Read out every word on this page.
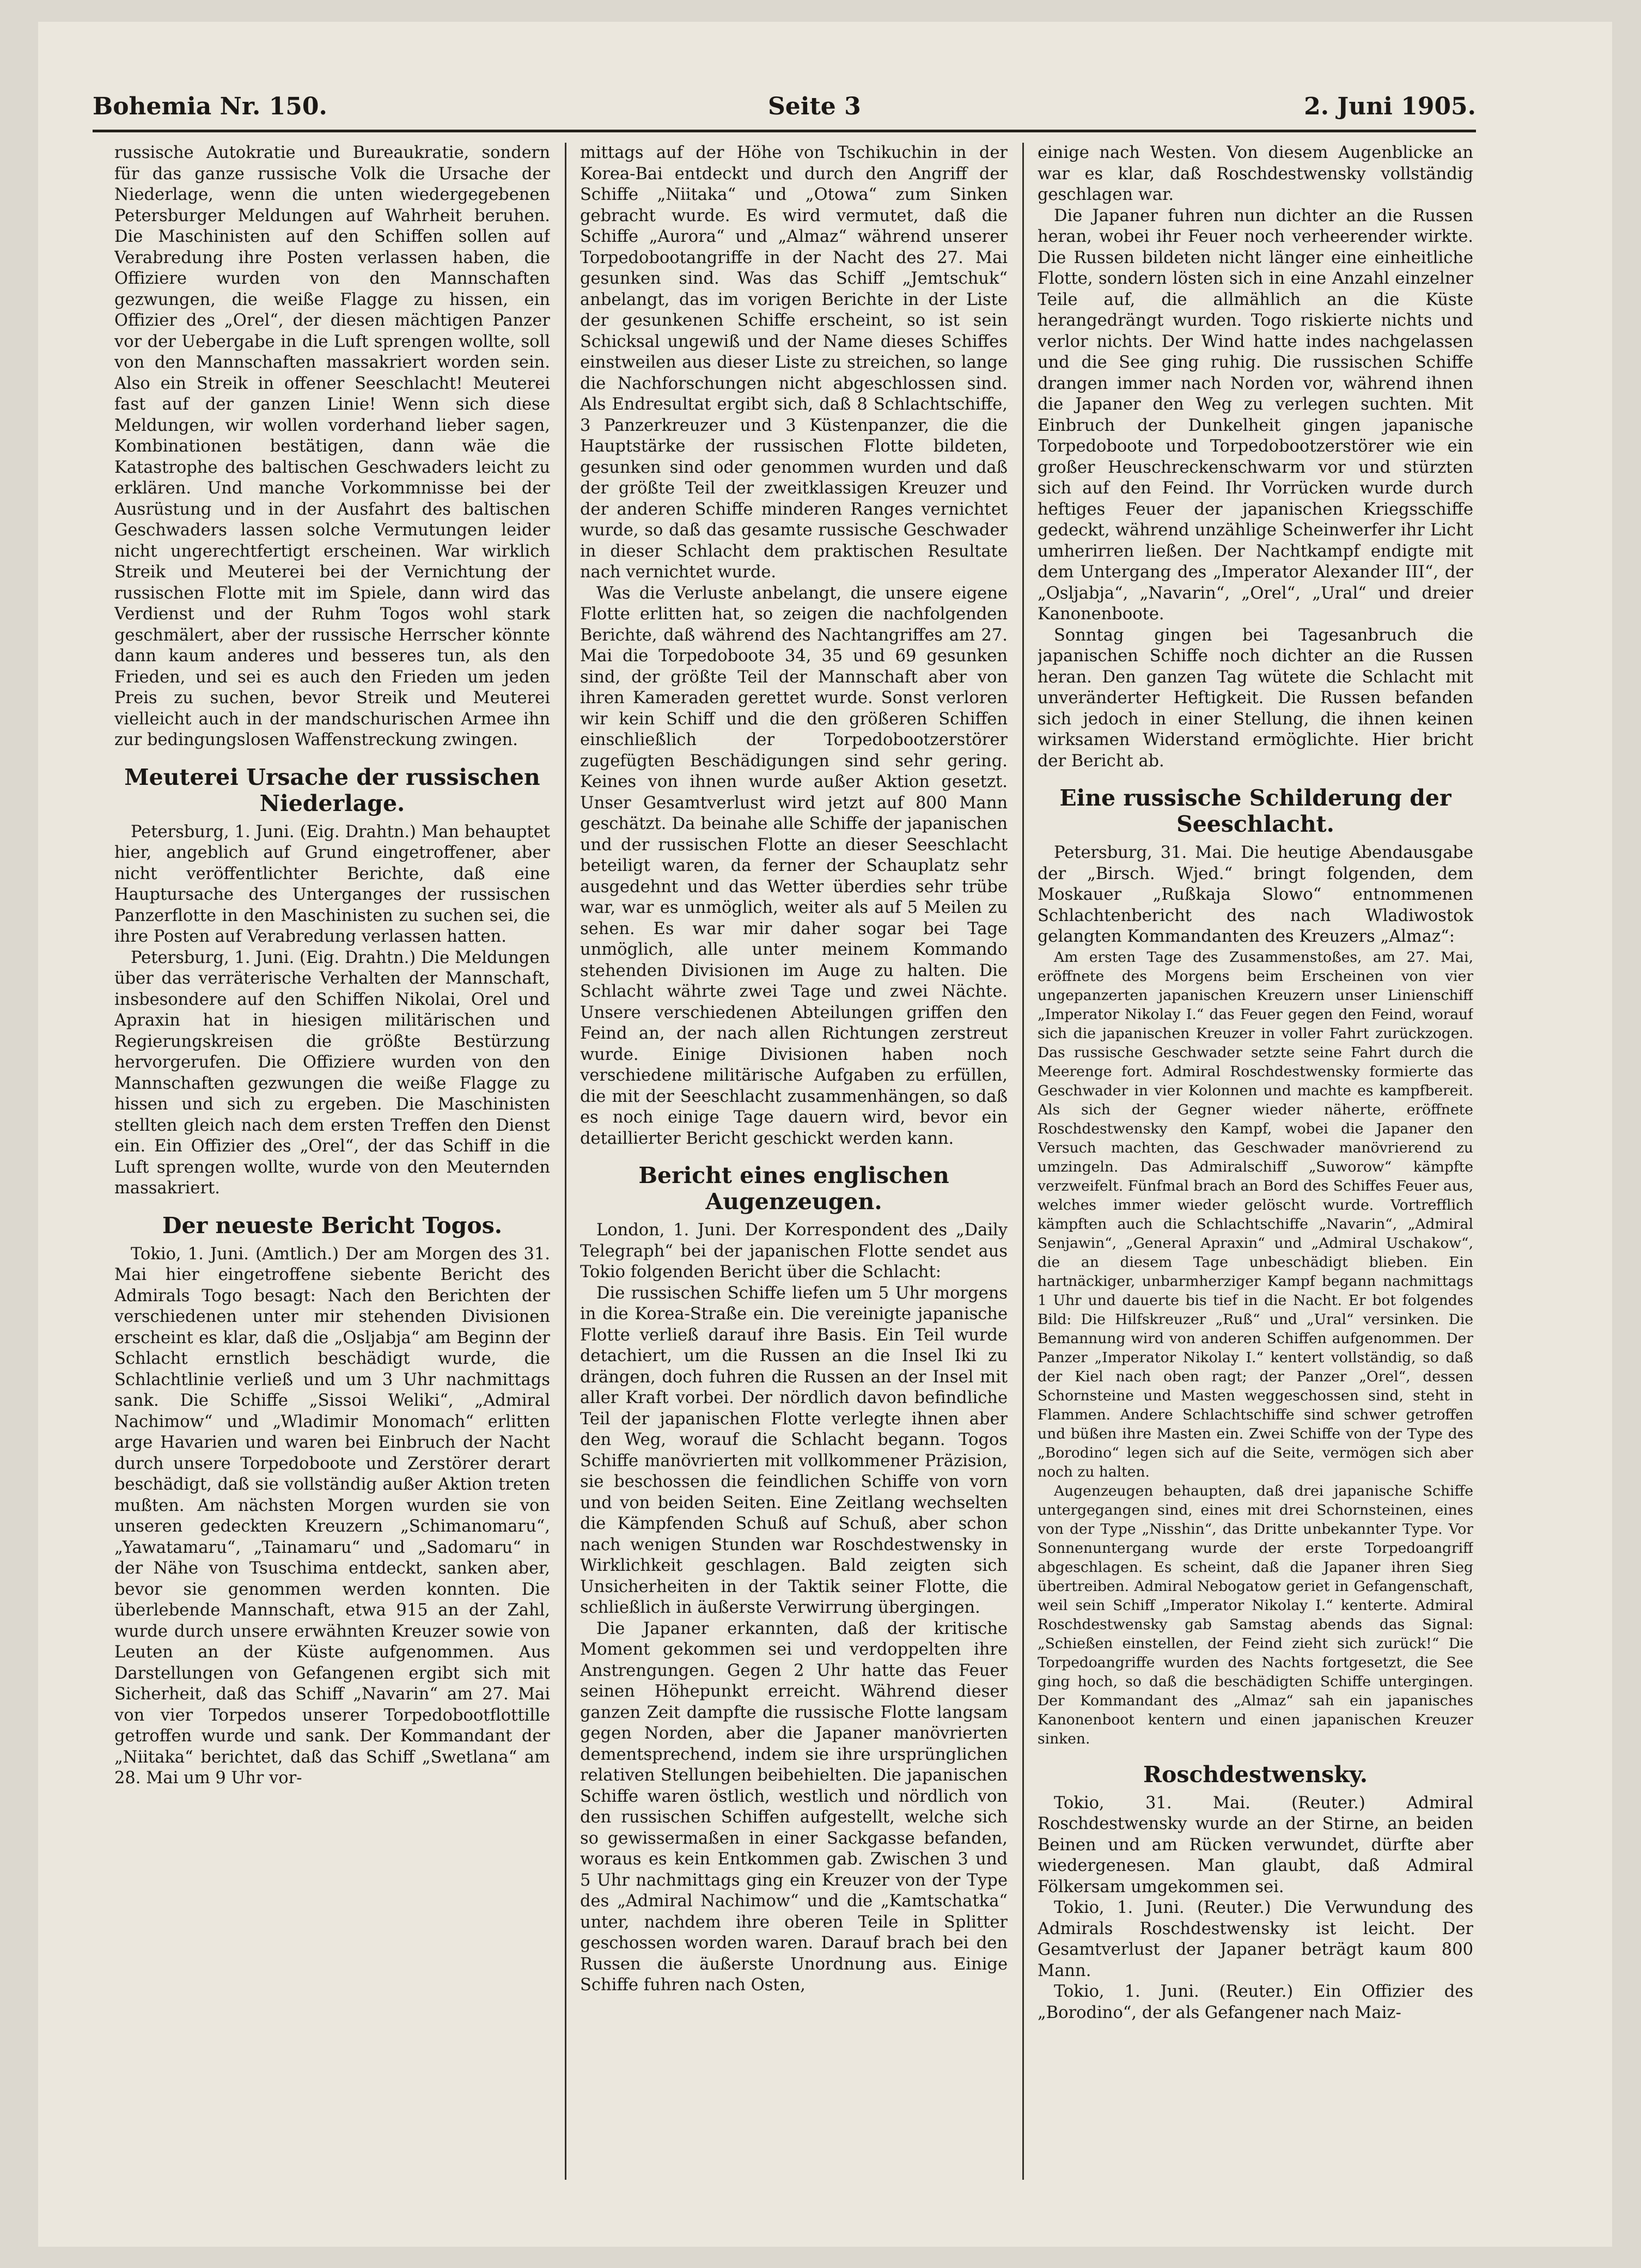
Bohemia Nr. 150.	Seite 3	2. Juni 1905.

russische Autokratie und Bureaukratie, sondern für das ganze russische Volk die Ursache der Niederlage, wenn die unten wiedergegebenen Petersburger Meldungen auf Wahrheit beruhen. Die Maschinisten auf den Schiffen sollen auf Verabredung ihre Posten verlassen haben, die Offiziere wurden von den Mannschaften gezwungen, die weiße Flagge zu hissen, ein Offizier des „Orel“, der diesen mächtigen Panzer vor der Uebergabe in die Luft sprengen wollte, soll von den Mannschaften massakriert worden sein. Also ein Streik in offener Seeschlacht! Meuterei fast auf der ganzen Linie! Wenn sich diese Meldungen, wir wollen vorderhand lieber sagen, Kombinationen bestätigen, dann wäe die Katastrophe des baltischen Geschwaders leicht zu erklären. Und manche Vorkommnisse bei der Ausrüstung und in der Ausfahrt des baltischen Geschwaders lassen solche Vermutungen leider nicht ungerechtfertigt erscheinen. War wirklich Streik und Meuterei bei der Vernichtung der russischen Flotte mit im Spiele, dann wird das Verdienst und der Ruhm Togos wohl stark geschmälert, aber der russische Herrscher könnte dann kaum anderes und besseres tun, als den Frieden, und sei es auch den Frieden um jeden Preis zu suchen, bevor Streik und Meuterei vielleicht auch in der mandschurischen Armee ihn zur bedingungslosen Waffenstreckung zwingen.

Meuterei Ursache der russischen Niederlage.

Petersburg, 1. Juni. (Eig. Drahtn.) Man behauptet hier, angeblich auf Grund eingetroffener, aber nicht veröffentlichter Berichte, daß eine Hauptursache des Unterganges der russischen Panzerflotte in den Maschinisten zu suchen sei, die ihre Posten auf Verabredung verlassen hatten.

Petersburg, 1. Juni. (Eig. Drahtn.) Die Meldungen über das verräterische Verhalten der Mannschaft, insbesondere auf den Schiffen Nikolai, Orel und Apraxin hat in hiesigen militärischen und Regierungskreisen die größte Bestürzung hervorgerufen. Die Offiziere wurden von den Mannschaften gezwungen die weiße Flagge zu hissen und sich zu ergeben. Die Maschinisten stellten gleich nach dem ersten Treffen den Dienst ein. Ein Offizier des „Orel“, der das Schiff in die Luft sprengen wollte, wurde von den Meuternden massakriert.

Der neueste Bericht Togos.

Tokio, 1. Juni. (Amtlich.) Der am Morgen des 31. Mai hier eingetroffene siebente Bericht des Admirals Togo besagt: Nach den Berichten der verschiedenen unter mir stehenden Divisionen erscheint es klar, daß die „Osljabja“ am Beginn der Schlacht ernstlich beschädigt wurde, die Schlachtlinie verließ und um 3 Uhr nachmittags sank. Die Schiffe „Sissoi Weliki“, „Admiral Nachimow“ und „Wladimir Monomach“ erlitten arge Havarien und waren bei Einbruch der Nacht durch unsere Torpedoboote und Zerstörer derart beschädigt, daß sie vollständig außer Aktion treten mußten. Am nächsten Morgen wurden sie von unseren gedeckten Kreuzern „Schimanomaru“, „Yawatamaru“, „Tainamaru“ und „Sadomaru“ in der Nähe von Tsuschima entdeckt, sanken aber, bevor sie genommen werden konnten. Die überlebende Mannschaft, etwa 915 an der Zahl, wurde durch unsere erwähnten Kreuzer sowie von Leuten an der Küste aufgenommen. Aus Darstellungen von Gefangenen ergibt sich mit Sicherheit, daß das Schiff „Navarin“ am 27. Mai von vier Torpedos unserer Torpedobootflottille getroffen wurde und sank. Der Kommandant der „Niitaka“ berichtet, daß das Schiff „Swetlana“ am 28. Mai um 9 Uhr vor-

mittags auf der Höhe von Tschikuchin in der Korea-Bai entdeckt und durch den Angriff der Schiffe „Niitaka“ und „Otowa“ zum Sinken gebracht wurde. Es wird vermutet, daß die Schiffe „Aurora“ und „Almaz“ während unserer Torpedobootangriffe in der Nacht des 27. Mai gesunken sind. Was das Schiff „Jemtschuk“ anbelangt, das im vorigen Berichte in der Liste der gesunkenen Schiffe erscheint, so ist sein Schicksal ungewiß und der Name dieses Schiffes einstweilen aus dieser Liste zu streichen, so lange die Nachforschungen nicht abgeschlossen sind. Als Endresultat ergibt sich, daß 8 Schlachtschiffe, 3 Panzerkreuzer und 3 Küstenpanzer, die die Hauptstärke der russischen Flotte bildeten, gesunken sind oder genommen wurden und daß der größte Teil der zweitklassigen Kreuzer und der anderen Schiffe minderen Ranges vernichtet wurde, so daß das gesamte russische Geschwader in dieser Schlacht dem praktischen Resultate nach vernichtet wurde.

Was die Verluste anbelangt, die unsere eigene Flotte erlitten hat, so zeigen die nachfolgenden Berichte, daß während des Nachtangriffes am 27. Mai die Torpedoboote 34, 35 und 69 gesunken sind, der größte Teil der Mannschaft aber von ihren Kameraden gerettet wurde. Sonst verloren wir kein Schiff und die den größeren Schiffen einschließlich der Torpedobootzerstörer zugefügten Beschädigungen sind sehr gering. Keines von ihnen wurde außer Aktion gesetzt. Unser Gesamtverlust wird jetzt auf 800 Mann geschätzt. Da beinahe alle Schiffe der japanischen und der russischen Flotte an dieser Seeschlacht beteiligt waren, da ferner der Schauplatz sehr ausgedehnt und das Wetter überdies sehr trübe war, war es unmöglich, weiter als auf 5 Meilen zu sehen. Es war mir daher sogar bei Tage unmöglich, alle unter meinem Kommando stehenden Divisionen im Auge zu halten. Die Schlacht währte zwei Tage und zwei Nächte. Unsere verschiedenen Abteilungen griffen den Feind an, der nach allen Richtungen zerstreut wurde. Einige Divisionen haben noch verschiedene militärische Aufgaben zu erfüllen, die mit der Seeschlacht zusammenhängen, so daß es noch einige Tage dauern wird, bevor ein detaillierter Bericht geschickt werden kann.

Bericht eines englischen Augenzeugen.

London, 1. Juni. Der Korrespondent des „Daily Telegraph“ bei der japanischen Flotte sendet aus Tokio folgenden Bericht über die Schlacht:

Die russischen Schiffe liefen um 5 Uhr morgens in die Korea-Straße ein. Die vereinigte japanische Flotte verließ darauf ihre Basis. Ein Teil wurde detachiert, um die Russen an die Insel Iki zu drängen, doch fuhren die Russen an der Insel mit aller Kraft vorbei. Der nördlich davon befindliche Teil der japanischen Flotte verlegte ihnen aber den Weg, worauf die Schlacht begann. Togos Schiffe manövrierten mit vollkommener Präzision, sie beschossen die feindlichen Schiffe von vorn und von beiden Seiten. Eine Zeitlang wechselten die Kämpfenden Schuß auf Schuß, aber schon nach wenigen Stunden war Roschdestwensky in Wirklichkeit geschlagen. Bald zeigten sich Unsicherheiten in der Taktik seiner Flotte, die schließlich in äußerste Verwirrung übergingen.

Die Japaner erkannten, daß der kritische Moment gekommen sei und verdoppelten ihre Anstrengungen. Gegen 2 Uhr hatte das Feuer seinen Höhepunkt erreicht. Während dieser ganzen Zeit dampfte die russische Flotte langsam gegen Norden, aber die Japaner manövrierten dementsprechend, indem sie ihre ursprünglichen relativen Stellungen beibehielten. Die japanischen Schiffe waren östlich, westlich und nördlich von den russischen Schiffen aufgestellt, welche sich so gewissermaßen in einer Sackgasse befanden, woraus es kein Entkommen gab. Zwischen 3 und 5 Uhr nachmittags ging ein Kreuzer von der Type des „Admiral Nachimow“ und die „Kamtschatka“ unter, nachdem ihre oberen Teile in Splitter geschossen worden waren. Darauf brach bei den Russen die äußerste Unordnung aus. Einige Schiffe fuhren nach Osten,

einige nach Westen. Von diesem Augenblicke an war es klar, daß Roschdestwensky vollständig geschlagen war.

Die Japaner fuhren nun dichter an die Russen heran, wobei ihr Feuer noch verheerender wirkte. Die Russen bildeten nicht länger eine einheitliche Flotte, sondern lösten sich in eine Anzahl einzelner Teile auf, die allmählich an die Küste herangedrängt wurden. Togo riskierte nichts und verlor nichts. Der Wind hatte indes nachgelassen und die See ging ruhig. Die russischen Schiffe drangen immer nach Norden vor, während ihnen die Japaner den Weg zu verlegen suchten. Mit Einbruch der Dunkelheit gingen japanische Torpedoboote und Torpedobootzerstörer wie ein großer Heuschreckenschwarm vor und stürzten sich auf den Feind. Ihr Vorrücken wurde durch heftiges Feuer der japanischen Kriegsschiffe gedeckt, während unzählige Scheinwerfer ihr Licht umherirren ließen. Der Nachtkampf endigte mit dem Untergang des „Imperator Alexander III“, der „Osljabja“, „Navarin“, „Orel“, „Ural“ und dreier Kanonenboote.

Sonntag gingen bei Tagesanbruch die japanischen Schiffe noch dichter an die Russen heran. Den ganzen Tag wütete die Schlacht mit unveränderter Heftigkeit. Die Russen befanden sich jedoch in einer Stellung, die ihnen keinen wirksamen Widerstand ermöglichte. Hier bricht der Bericht ab.

Eine russische Schilderung der Seeschlacht.

Petersburg, 31. Mai. Die heutige Abendausgabe der „Birsch. Wjed.“ bringt folgenden, dem Moskauer „Rußkaja Slowo“ entnommenen Schlachtenbericht des nach Wladiwostok gelangten Kommandanten des Kreuzers „Almaz“:

Am ersten Tage des Zusammenstoßes, am 27. Mai, eröffnete des Morgens beim Erscheinen von vier ungepanzerten japanischen Kreuzern unser Linienschiff „Imperator Nikolay I.“ das Feuer gegen den Feind, worauf sich die japanischen Kreuzer in voller Fahrt zurückzogen. Das russische Geschwader setzte seine Fahrt durch die Meerenge fort. Admiral Roschdestwensky formierte das Geschwader in vier Kolonnen und machte es kampfbereit. Als sich der Gegner wieder näherte, eröffnete Roschdestwensky den Kampf, wobei die Japaner den Versuch machten, das Geschwader manövrierend zu umzingeln. Das Admiralschiff „Suworow“ kämpfte verzweifelt. Fünfmal brach an Bord des Schiffes Feuer aus, welches immer wieder gelöscht wurde. Vortrefflich kämpften auch die Schlachtschiffe „Navarin“, „Admiral Senjawin“, „General Apraxin“ und „Admiral Uschakow“, die an diesem Tage unbeschädigt blieben. Ein hartnäckiger, unbarmherziger Kampf begann nachmittags 1 Uhr und dauerte bis tief in die Nacht. Er bot folgendes Bild: Die Hilfskreuzer „Ruß“ und „Ural“ versinken. Die Bemannung wird von anderen Schiffen aufgenommen. Der Panzer „Imperator Nikolay I.“ kentert vollständig, so daß der Kiel nach oben ragt; der Panzer „Orel“, dessen Schornsteine und Masten weggeschossen sind, steht in Flammen. Andere Schlachtschiffe sind schwer getroffen und büßen ihre Masten ein. Zwei Schiffe von der Type des „Borodino“ legen sich auf die Seite, vermögen sich aber noch zu halten.

Augenzeugen behaupten, daß drei japanische Schiffe untergegangen sind, eines mit drei Schornsteinen, eines von der Type „Nisshin“, das Dritte unbekannter Type. Vor Sonnenuntergang wurde der erste Torpedoangriff abgeschlagen. Es scheint, daß die Japaner ihren Sieg übertreiben. Admiral Nebogatow geriet in Gefangenschaft, weil sein Schiff „Imperator Nikolay I.“ kenterte. Admiral Roschdestwensky gab Samstag abends das Signal: „Schießen einstellen, der Feind zieht sich zurück!“ Die Torpedoangriffe wurden des Nachts fortgesetzt, die See ging hoch, so daß die beschädigten Schiffe untergingen. Der Kommandant des „Almaz“ sah ein japanisches Kanonenboot kentern und einen japanischen Kreuzer sinken.

Roschdestwensky.

Tokio, 31. Mai. (Reuter.) Admiral Roschdestwensky wurde an der Stirne, an beiden Beinen und am Rücken verwundet, dürfte aber wiedergenesen. Man glaubt, daß Admiral Fölkersam umgekommen sei.

Tokio, 1. Juni. (Reuter.) Die Verwundung des Admirals Roschdestwensky ist leicht. Der Gesamtverlust der Japaner beträgt kaum 800 Mann.

Tokio, 1. Juni. (Reuter.) Ein Offizier des „Borodino“, der als Gefangener nach Maiz-
